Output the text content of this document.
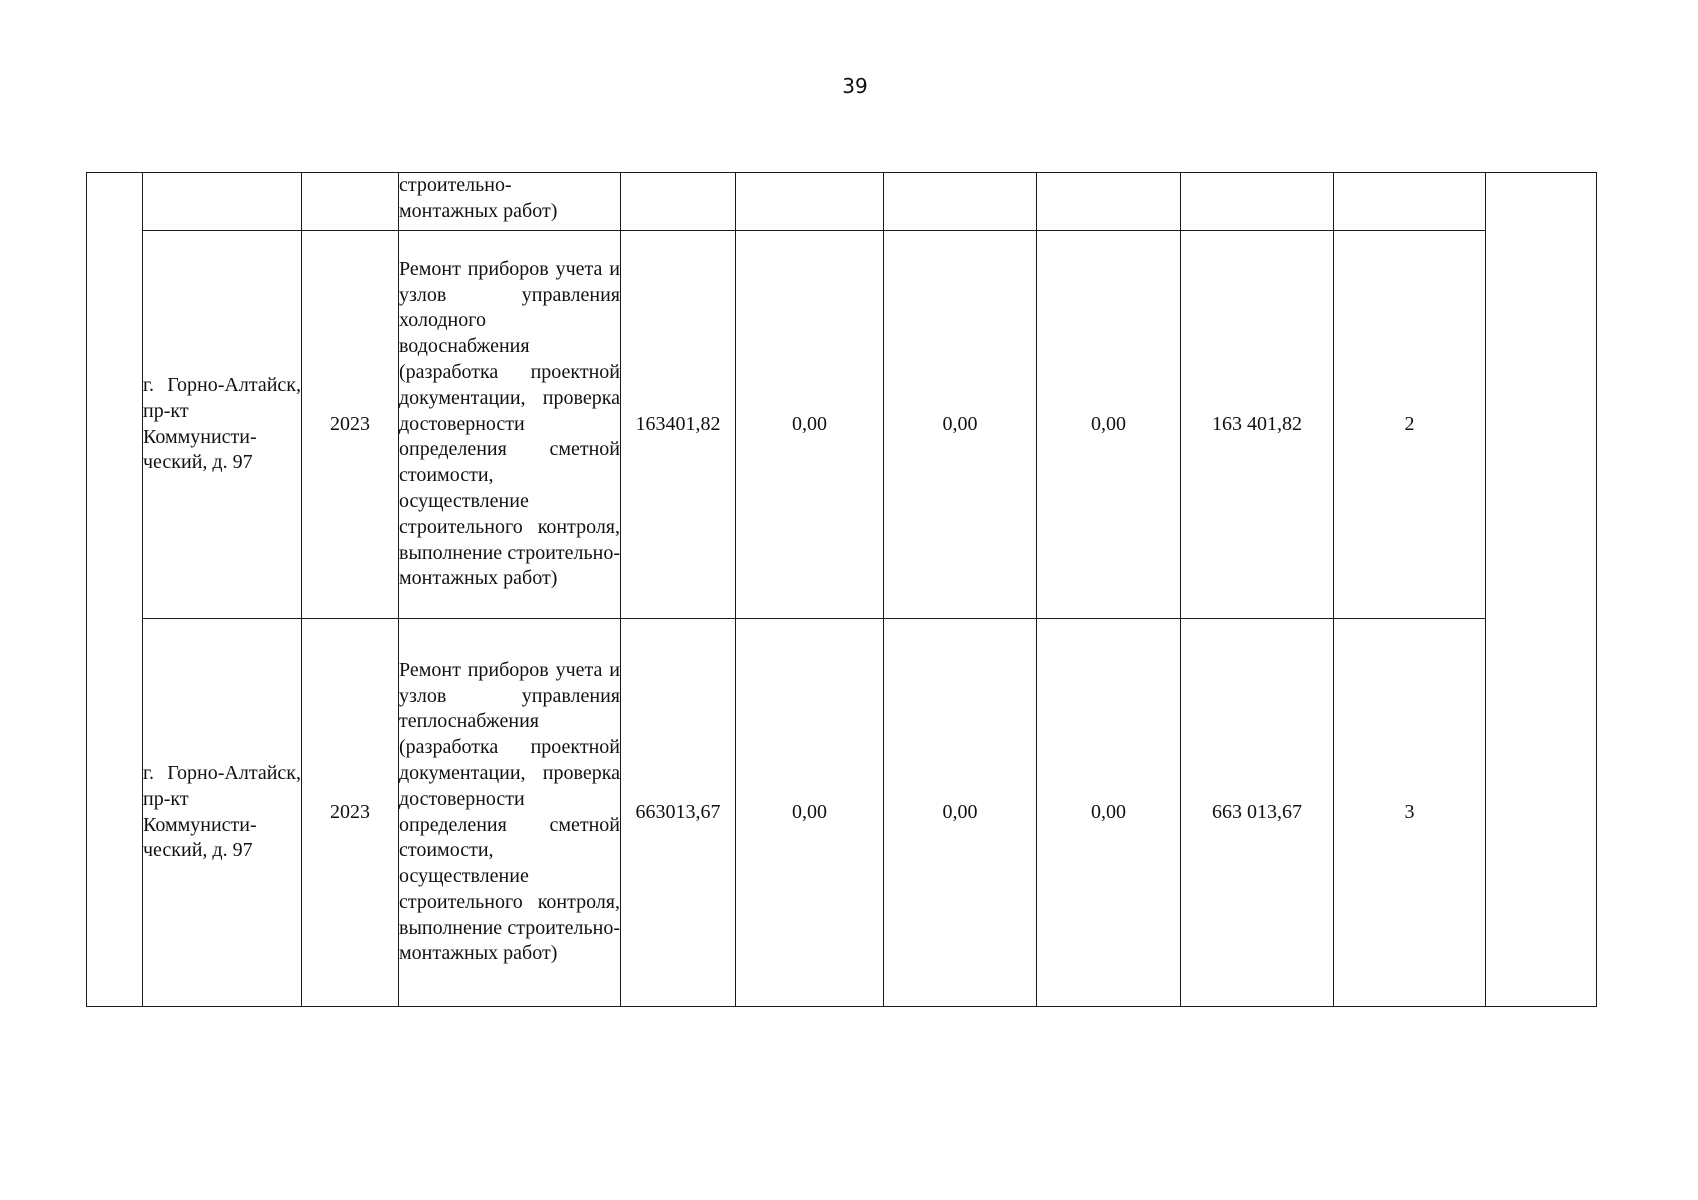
39
			строительно-
монтажных работ)							
	г. Горно-Алтайск, пр-кт Коммунисти-ческий, д. 97	2023	Ремонт приборов учета и узлов управления холодного водоснабжения (разработка проектной документации, проверка достоверности определения сметной стоимости, осуществление строительного контроля, выполнение строительно-монтажных работ)	163401,82	0,00	0,00	0,00	163 401,82	2	
	г. Горно-Алтайск, пр-кт Коммунисти-ческий, д. 97	2023	Ремонт приборов учета и узлов управления теплоснабжения (разработка проектной документации, проверка достоверности определения сметной стоимости, осуществление строительного контроля, выполнение строительно-монтажных работ)	663013,67	0,00	0,00	0,00	663 013,67	3	
